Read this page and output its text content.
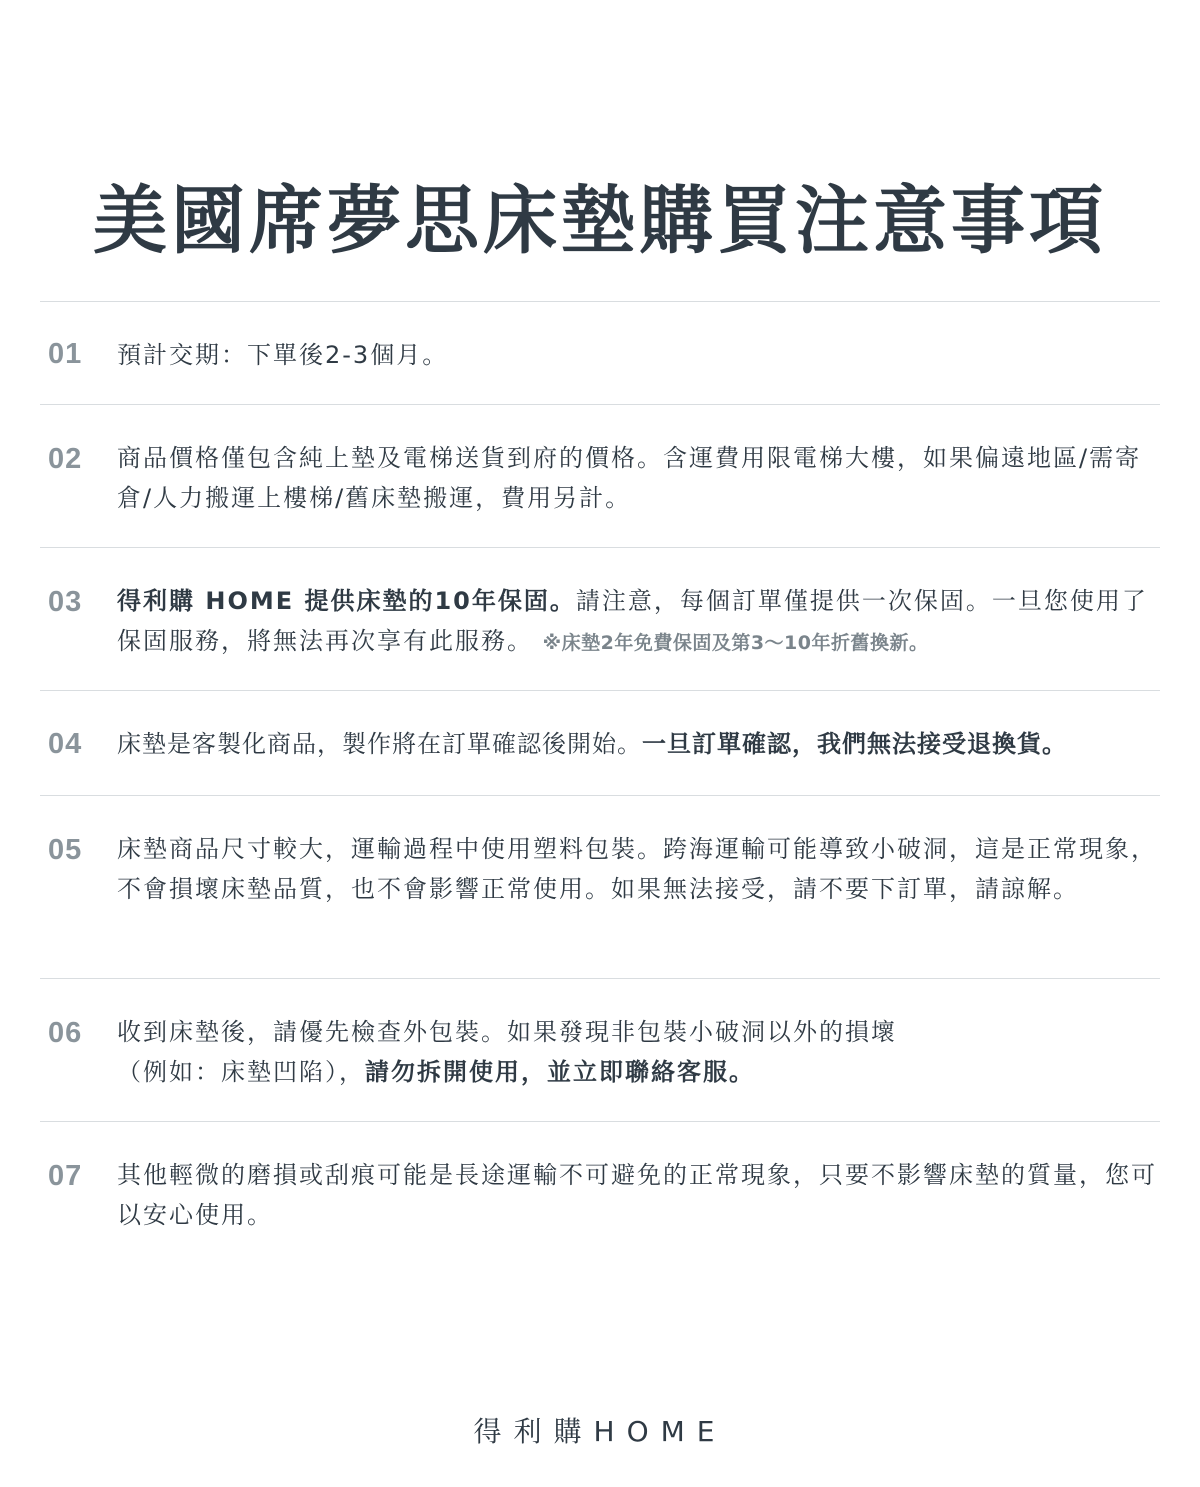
美國席夢思床墊購買注意事項
01 預計交期：下單後2-3個月。
02 商品價格僅包含純上墊及電梯送貨到府的價格。含運費用限電梯大樓，如果偏遠地區/需寄倉/人力搬運上樓梯/舊床墊搬運，費用另計。
03 得利購 HOME 提供床墊的10年保固。請注意，每個訂單僅提供一次保固。一旦您使用了保固服務，將無法再次享有此服務。 ※床墊2年免費保固及第3～10年折舊換新。
04 床墊是客製化商品，製作將在訂單確認後開始。一旦訂單確認，我們無法接受退換貨。
05 床墊商品尺寸較大，運輸過程中使用塑料包裝。跨海運輸可能導致小破洞，這是正常現象，不會損壞床墊品質，也不會影響正常使用。如果無法接受，請不要下訂單，請諒解。
06 收到床墊後，請優先檢查外包裝。如果發現非包裝小破洞以外的損壞
（例如：床墊凹陷），請勿拆開使用，並立即聯絡客服。
07 其他輕微的磨損或刮痕可能是長途運輸不可避免的正常現象，只要不影響床墊的質量，您可以安心使用。
得利購HOME
